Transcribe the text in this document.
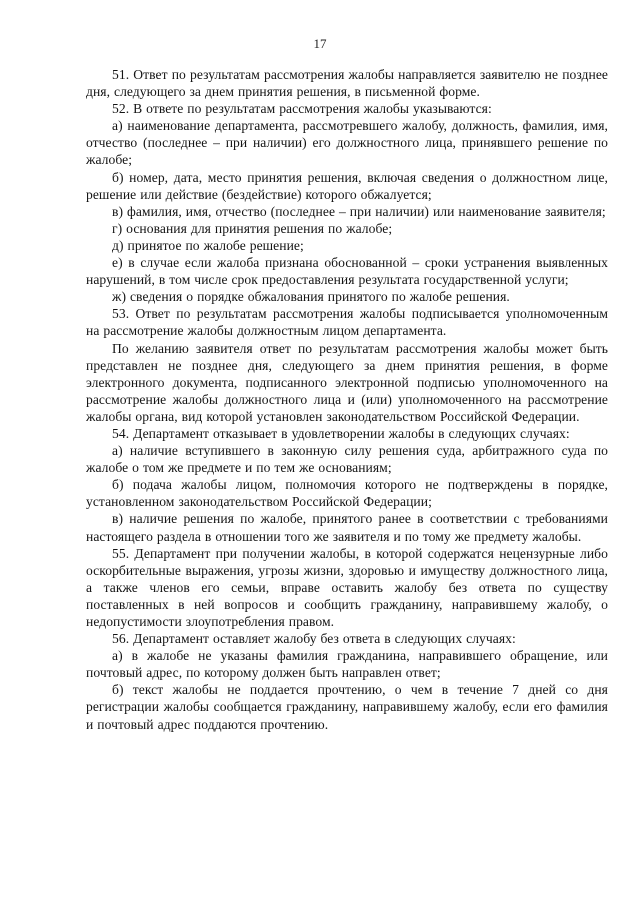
17

51. Ответ по результатам рассмотрения жалобы направляется заявителю не позднее дня, следующего за днем принятия решения, в письменной форме.

52. В ответе по результатам рассмотрения жалобы указываются:

а) наименование департамента, рассмотревшего жалобу, должность, фамилия, имя, отчество (последнее – при наличии) его должностного лица, принявшего решение по жалобе;

б) номер, дата, место принятия решения, включая сведения о должностном лице, решение или действие (бездействие) которого обжалуется;

в) фамилия, имя, отчество (последнее – при наличии) или наименование заявителя;

г) основания для принятия решения по жалобе;

д) принятое по жалобе решение;

е) в случае если жалоба признана обоснованной – сроки устранения выявленных нарушений, в том числе срок предоставления результата государственной услуги;

ж) сведения о порядке обжалования принятого по жалобе решения.

53. Ответ по результатам рассмотрения жалобы подписывается уполномоченным на рассмотрение жалобы должностным лицом департамента.

По желанию заявителя ответ по результатам рассмотрения жалобы может быть представлен не позднее дня, следующего за днем принятия решения, в форме электронного документа, подписанного электронной подписью уполномоченного на рассмотрение жалобы должностного лица и (или) уполномоченного на рассмотрение жалобы органа, вид которой установлен законодательством Российской Федерации.

54. Департамент отказывает в удовлетворении жалобы в следующих случаях:

а) наличие вступившего в законную силу решения суда, арбитражного суда по жалобе о том же предмете и по тем же основаниям;

б) подача жалобы лицом, полномочия которого не подтверждены в порядке, установленном законодательством Российской Федерации;

в) наличие решения по жалобе, принятого ранее в соответствии с требованиями настоящего раздела в отношении того же заявителя и по тому же предмету жалобы.

55. Департамент при получении жалобы, в которой содержатся нецензурные либо оскорбительные выражения, угрозы жизни, здоровью и имуществу должностного лица, а также членов его семьи, вправе оставить жалобу без ответа по существу поставленных в ней вопросов и сообщить гражданину, направившему жалобу, о недопустимости злоупотребления правом.

56. Департамент оставляет жалобу без ответа в следующих случаях:

а) в жалобе не указаны фамилия гражданина, направившего обращение, или почтовый адрес, по которому должен быть направлен ответ;

б) текст жалобы не поддается прочтению, о чем в течение 7 дней со дня регистрации жалобы сообщается гражданину, направившему жалобу, если его фамилия и почтовый адрес поддаются прочтению.
